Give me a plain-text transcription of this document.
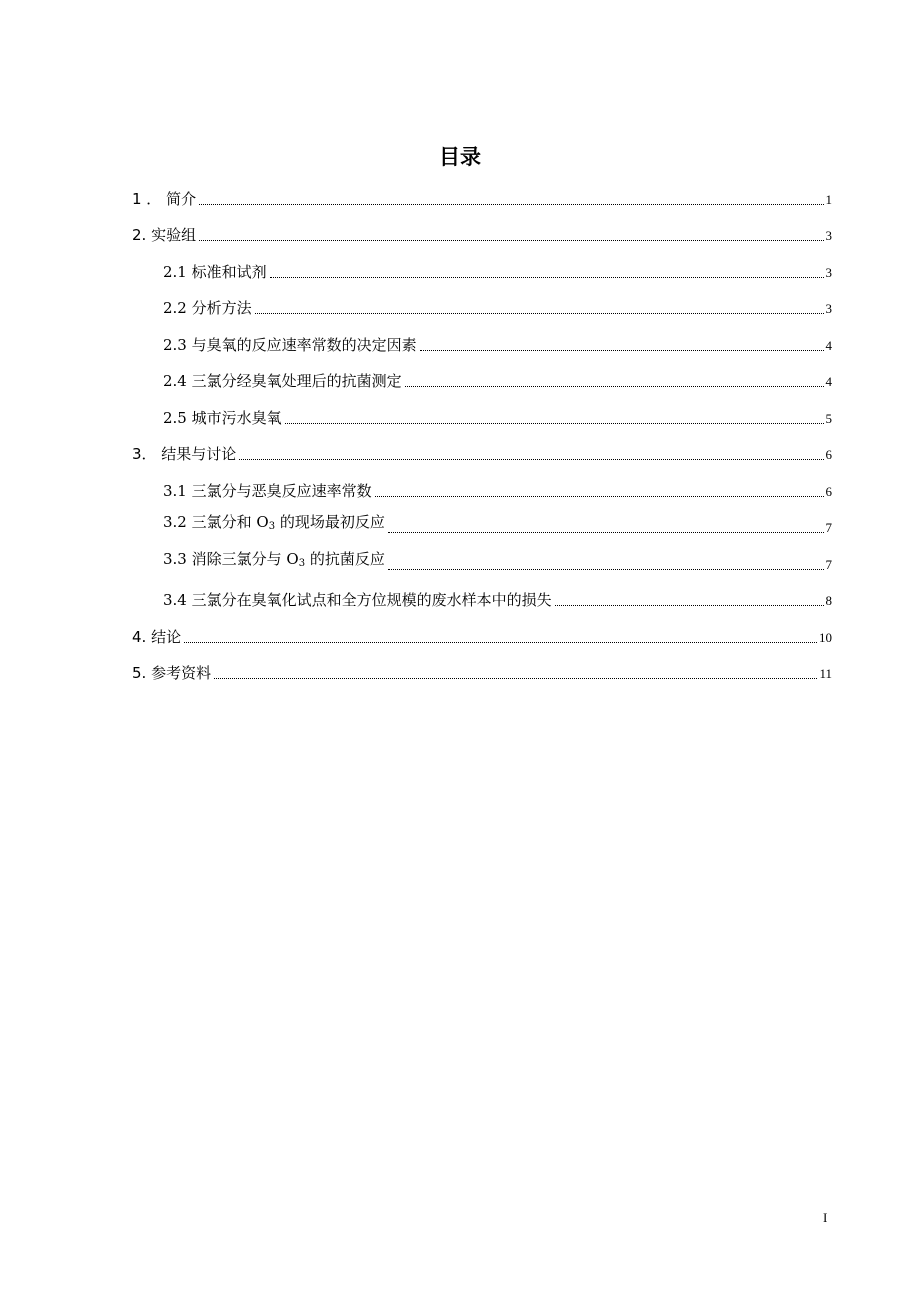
目录
1 ． 简介	1
2. 实验组	3
2.1 标准和试剂	3
2.2 分析方法	3
2.3 与臭氧的反应速率常数的决定因素	4
2.4 三氯分经臭氧处理后的抗菌测定	4
2.5 城市污水臭氧	5
3． 结果与讨论	6
3.1 三氯分与恶臭反应速率常数	6
3.2 三氯分和 $O_3$ 的现场最初反应	7
3.3 消除三氯分与 $O_3$ 的抗菌反应	7
3.4 三氯分在臭氧化试点和全方位规模的废水样本中的损失	8
4. 结论	10
5. 参考资料	11
I
